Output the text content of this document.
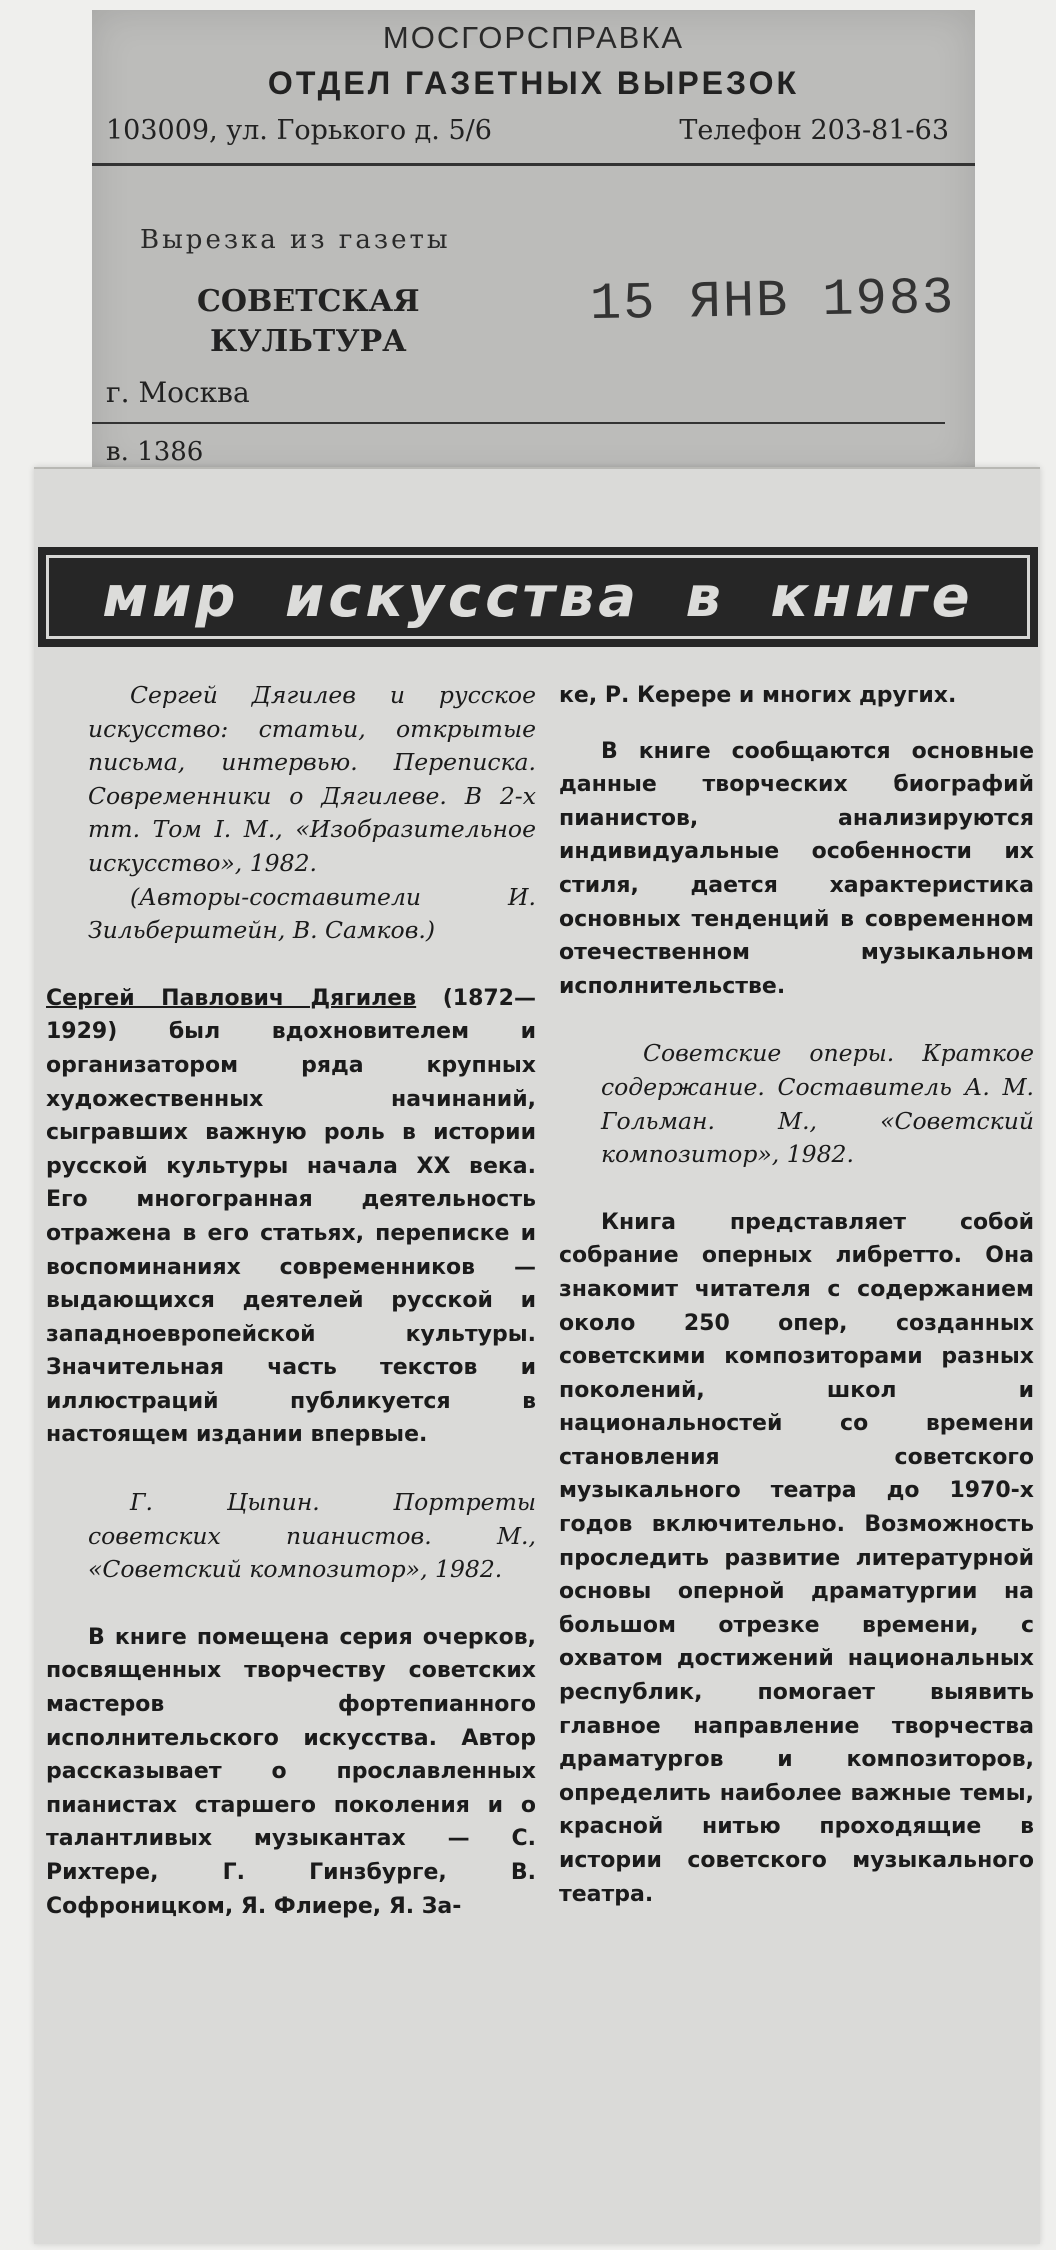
МОСГОРСПРАВКА
ОТДЕЛ ГАЗЕТНЫХ ВЫРЕЗОК
103009, ул. Горького д. 5/6	Телефон 203-81-63
Вырезка из газеты
СОВЕТСКАЯ
КУЛЬТУРА
15 ЯНВ 1983
г. Москва
в. 1386
мир искусства в книге

Сергей Дягилев и русское искусство: статьи, открытые письма, интервью. Переписка. Современники о Дягилеве. В 2-х тт. Том I. М., «Изобразительное искусство», 1982.

(Авторы-составители И. Зильберштейн, В. Самков.)

Сергей Павлович Дягилев (1872—1929) был вдохновителем и организатором ряда крупных художественных начинаний, сыгравших важную роль в истории русской культуры начала XX века. Его многогранная деятельность отражена в его статьях, переписке и воспоминаниях современников — выдающихся деятелей русской и западноевропейской культуры. Значительная часть текстов и иллюстраций публикуется в настоящем издании впервые.

Г. Цыпин. Портреты советских пианистов. М., «Советский композитор», 1982.

В книге помещена серия очерков, посвященных творчеству советских мастеров фортепианного исполнительского искусства. Автор рассказывает о прославленных пианистах старшего поколения и о талантливых музыкантах — С. Рихтере, Г. Гинзбурге, В. Софроницком, Я. Флиере, Я. За-

ке, Р. Керере и многих других.

В книге сообщаются основные данные творческих биографий пианистов, анализируются индивидуальные особенности их стиля, дается характеристика основных тенденций в современном отечественном музыкальном исполнительстве.

Советские оперы. Краткое содержание. Составитель А. М. Гольман. М., «Советский композитор», 1982.

Книга представляет собой собрание оперных либретто. Она знакомит читателя с содержанием около 250 опер, созданных советскими композиторами разных поколений, школ и национальностей со времени становления советского музыкального театра до 1970-х годов включительно. Возможность проследить развитие литературной основы оперной драматургии на большом отрезке времени, с охватом достижений национальных республик, помогает выявить главное направление творчества драматургов и композиторов, определить наиболее важные темы, красной нитью проходящие в истории советского музыкального театра.
